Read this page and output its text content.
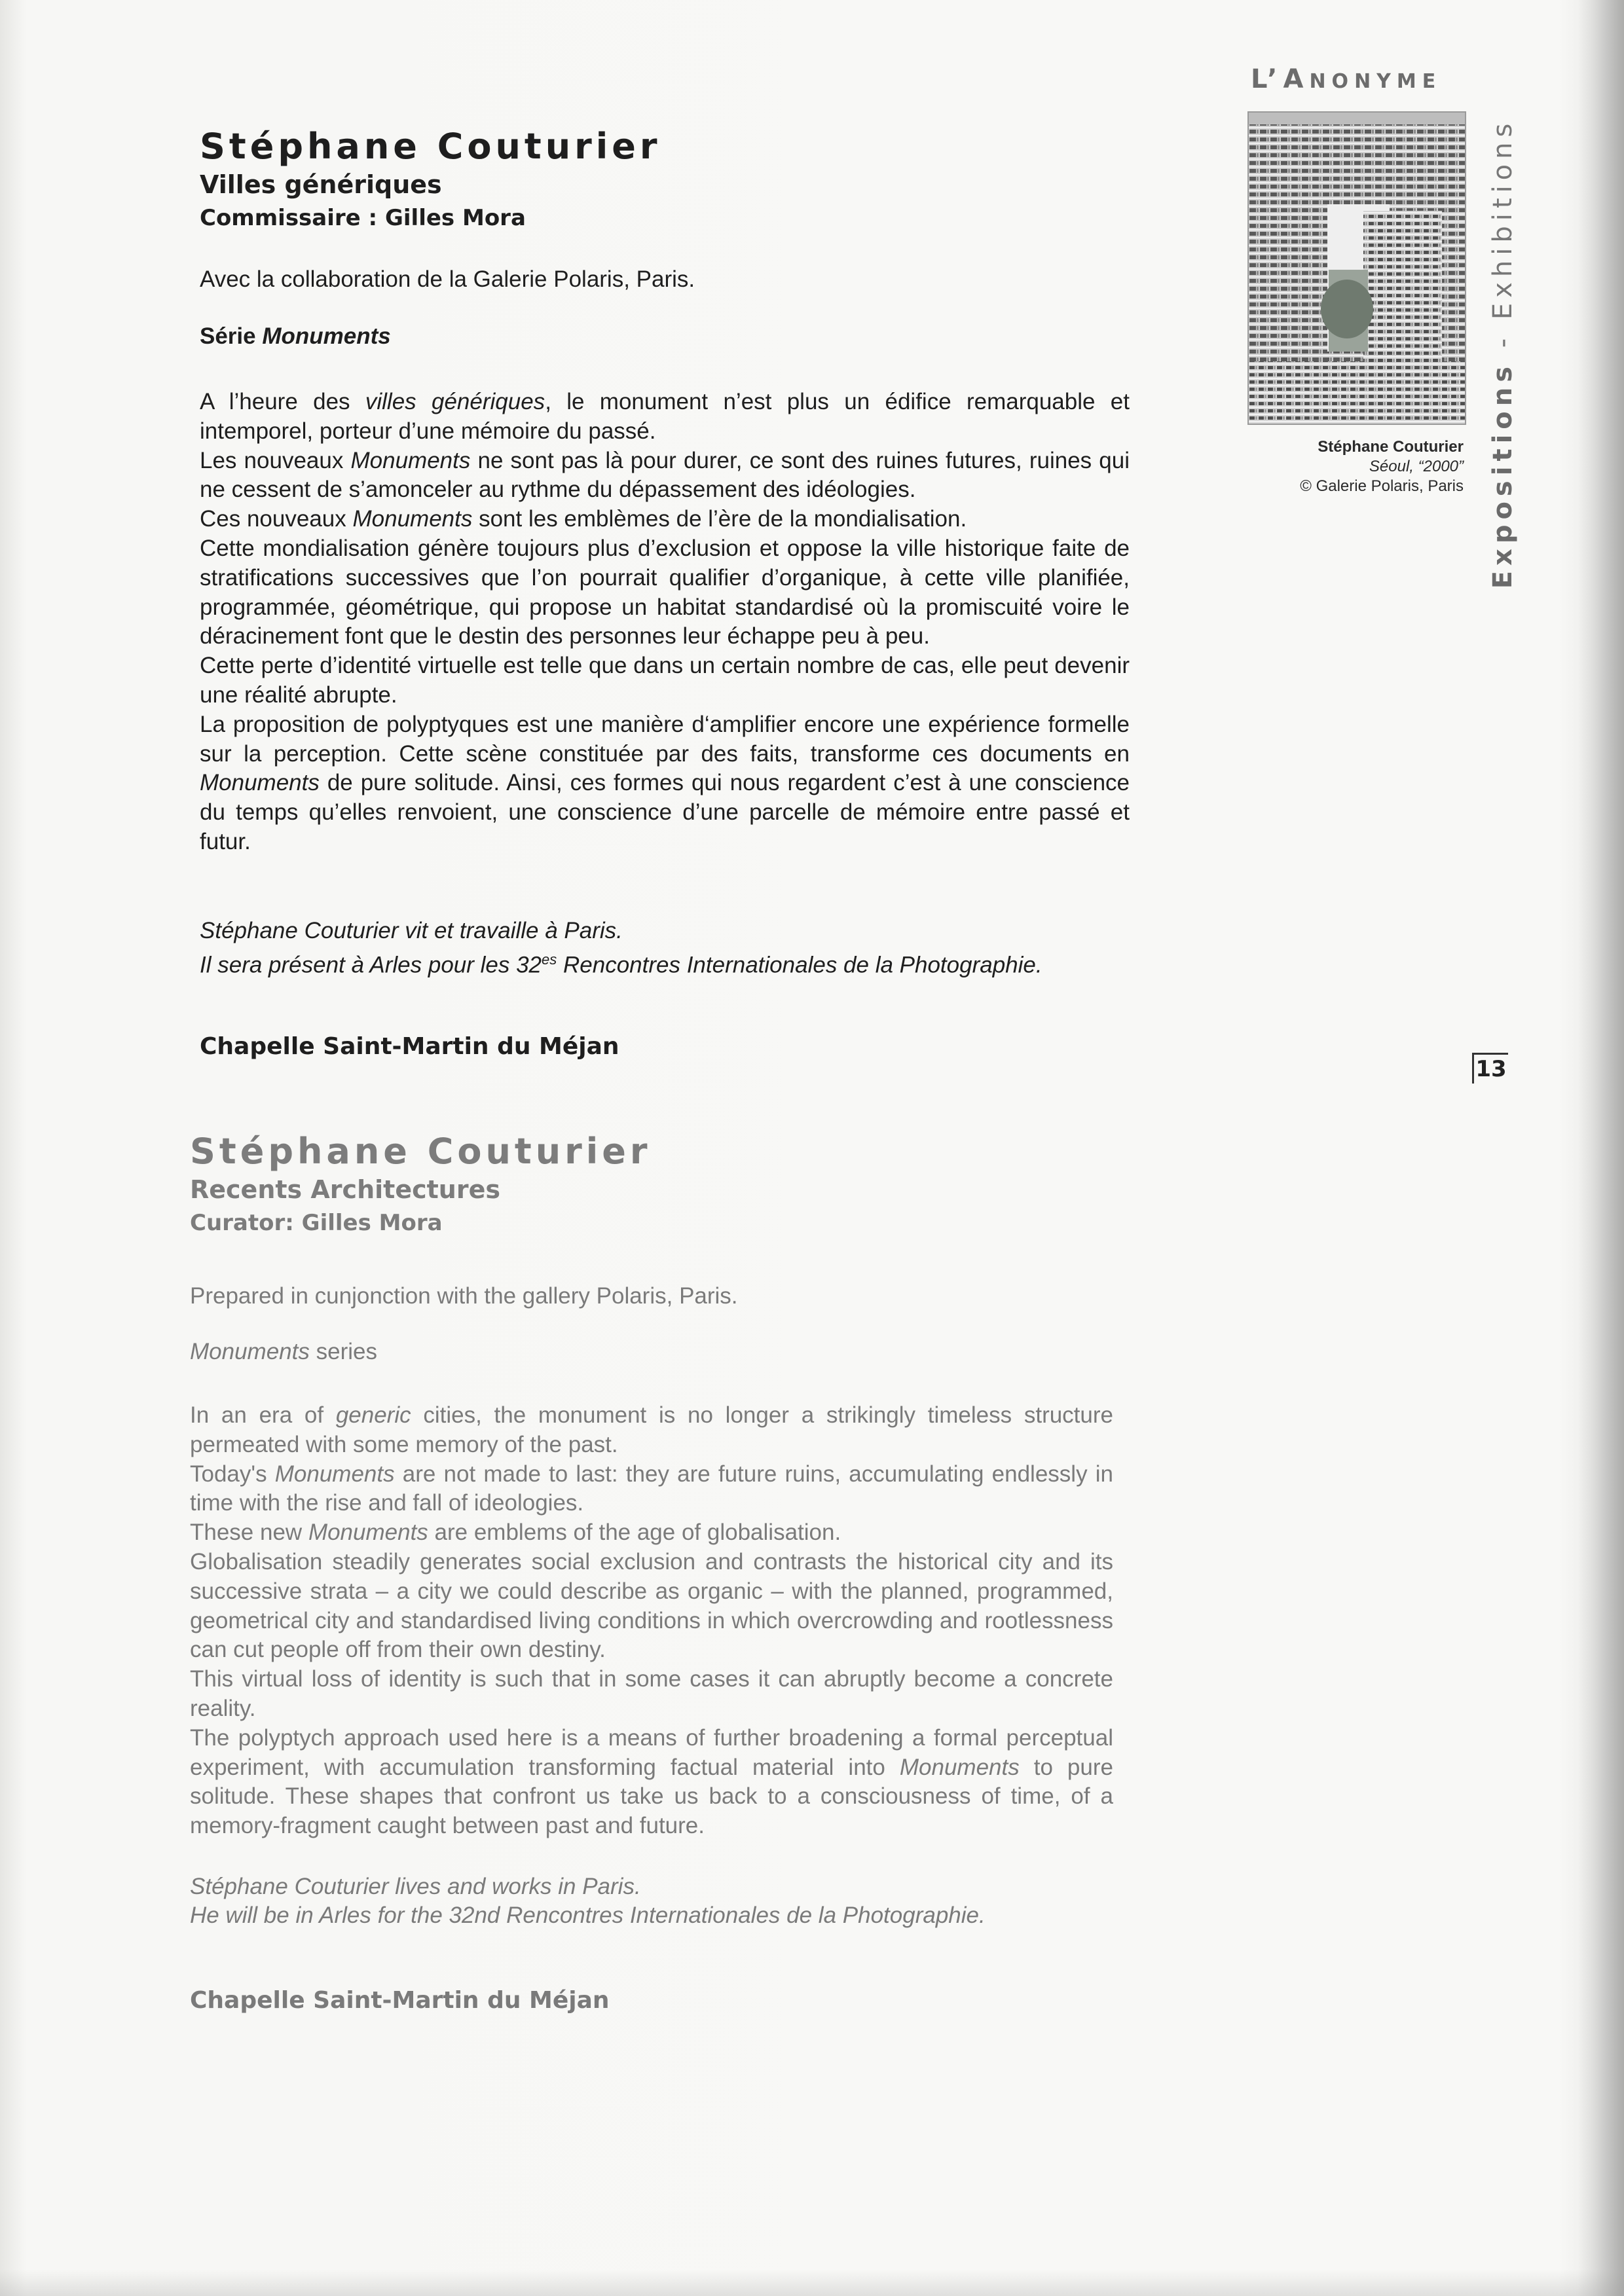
L’ANONYME
Stéphane Couturier
Séoul, “2000”
© Galerie Polaris, Paris Expositions - Exhibitions
13

Stéphane Couturier

Villes génériques

Commissaire : Gilles Mora

Avec la collaboration de la Galerie Polaris, Paris.

Série Monuments

A l’heure des villes génériques, le monument n’est plus un édifice remarquable et intemporel, porteur d’une mémoire du passé.

Les nouveaux Monuments ne sont pas là pour durer, ce sont des ruines futures, ruines qui ne cessent de s’amonceler au rythme du dépassement des idéologies.

Ces nouveaux Monuments sont les emblèmes de l’ère de la mondialisation.

Cette mondialisation génère toujours plus d’exclusion et oppose la ville historique faite de stratifications successives que l’on pourrait qualifier d’organique, à cette ville planifiée, programmée, géométrique, qui propose un habitat standardisé où la promiscuité voire le déracinement font que le destin des personnes leur échappe peu à peu.

Cette perte d’identité virtuelle est telle que dans un certain nombre de cas, elle peut devenir une réalité abrupte.

La proposition de polyptyques est une manière d‘amplifier encore une expérience formelle sur la perception. Cette scène constituée par des faits, transforme ces documents en Monuments de pure solitude. Ainsi, ces formes qui nous regardent c’est à une conscience du temps qu’elles renvoient, une conscience d’une parcelle de mémoire entre passé et futur.

Stéphane Couturier vit et travaille à Paris.

Il sera présent à Arles pour les $32^{es}$ Rencontres Internationales de la Photographie.

Chapelle Saint-Martin du Méjan

Stéphane Couturier

Recents Architectures

Curator: Gilles Mora

Prepared in cunjonction with the gallery Polaris, Paris.

Monuments series

In an era of generic cities, the monument is no longer a strikingly timeless structure permeated with some memory of the past.

Today's Monuments are not made to last: they are future ruins, accumulating endlessly in time with the rise and fall of ideologies.

These new Monuments are emblems of the age of globalisation.

Globalisation steadily generates social exclusion and contrasts the historical city and its successive strata – a city we could describe as organic – with the planned, programmed, geometrical city and standardised living conditions in which overcrowding and rootlessness can cut people off from their own destiny.

This virtual loss of identity is such that in some cases it can abruptly become a concrete reality.

The polyptych approach used here is a means of further broadening a formal perceptual experiment, with accumulation transforming factual material into Monuments to pure solitude. These shapes that confront us take us back to a consciousness of time, of a memory-fragment caught between past and future.

Stéphane Couturier lives and works in Paris.

He will be in Arles for the 32nd Rencontres Internationales de la Photographie.

Chapelle Saint-Martin du Méjan
